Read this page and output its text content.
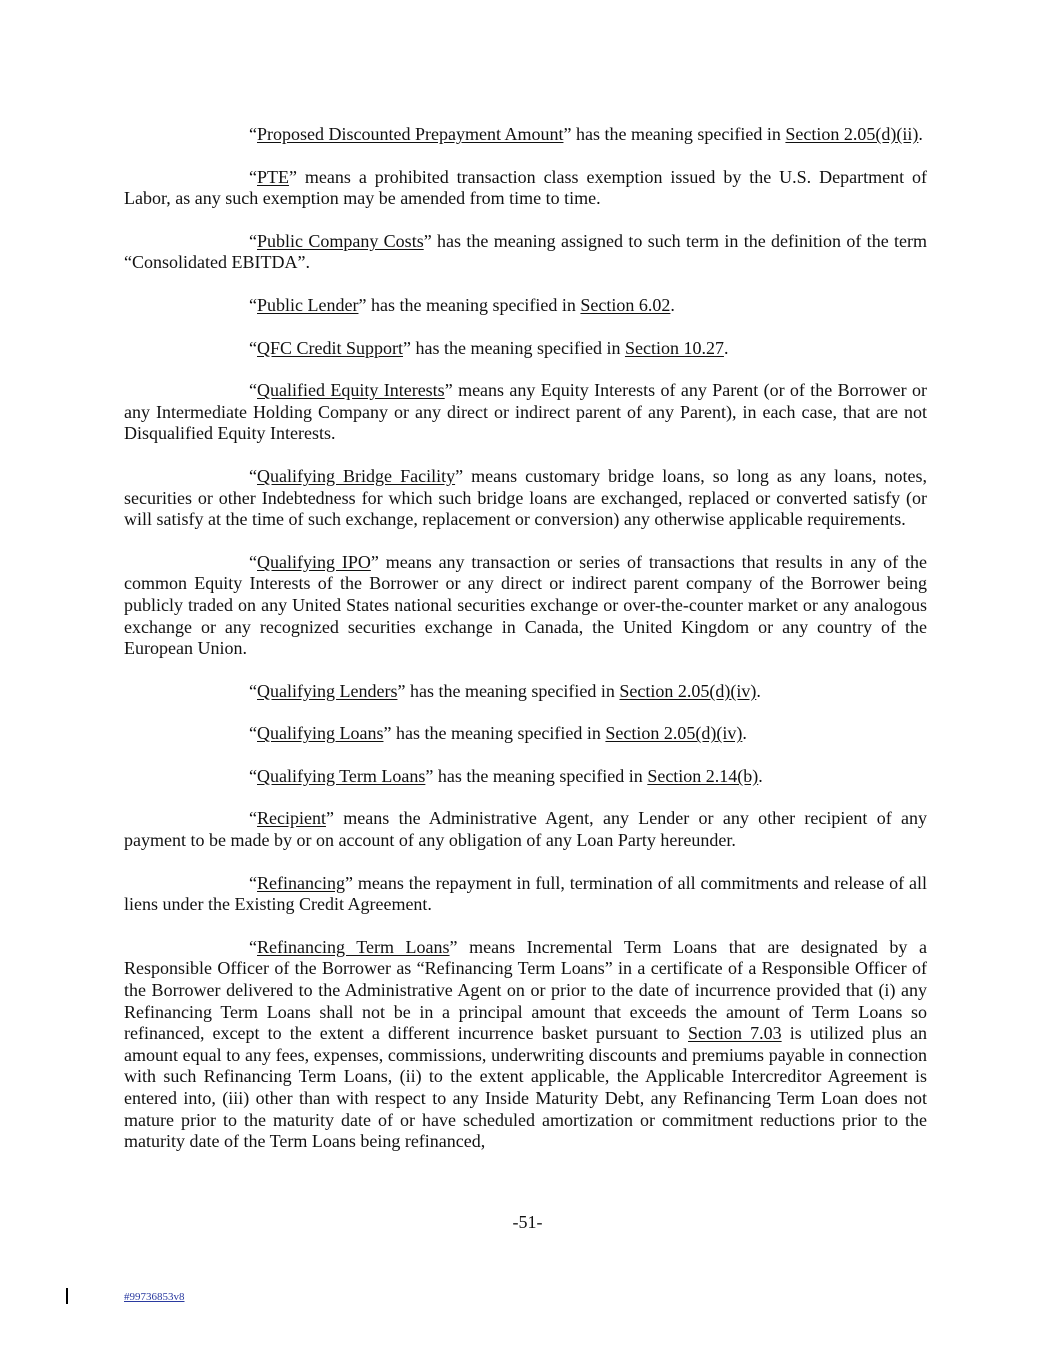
“Proposed Discounted Prepayment Amount” has the meaning specified in Section 2.05(d)(ii).

“PTE” means a prohibited transaction class exemption issued by the U.S. Department of Labor, as any such exemption may be amended from time to time.

“Public Company Costs” has the meaning assigned to such term in the definition of the term “Consolidated EBITDA”.

“Public Lender” has the meaning specified in Section 6.02.

“QFC Credit Support” has the meaning specified in Section 10.27.

“Qualified Equity Interests” means any Equity Interests of any Parent (or of the Borrower or any Intermediate Holding Company or any direct or indirect parent of any Parent), in each case, that are not Disqualified Equity Interests.

“Qualifying Bridge Facility” means customary bridge loans, so long as any loans, notes, securities or other Indebtedness for which such bridge loans are exchanged, replaced or converted satisfy (or will satisfy at the time of such exchange, replacement or conversion) any otherwise applicable requirements.

“Qualifying IPO” means any transaction or series of transactions that results in any of the common Equity Interests of the Borrower or any direct or indirect parent company of the Borrower being publicly traded on any United States national securities exchange or over-the-counter market or any analogous exchange or any recognized securities exchange in Canada, the United Kingdom or any country of the European Union.

“Qualifying Lenders” has the meaning specified in Section 2.05(d)(iv).

“Qualifying Loans” has the meaning specified in Section 2.05(d)(iv).

“Qualifying Term Loans” has the meaning specified in Section 2.14(b).

“Recipient” means the Administrative Agent, any Lender or any other recipient of any payment to be made by or on account of any obligation of any Loan Party hereunder.

“Refinancing” means the repayment in full, termination of all commitments and release of all liens under the Existing Credit Agreement.

“Refinancing Term Loans” means Incremental Term Loans that are designated by a Responsible Officer of the Borrower as “Refinancing Term Loans” in a certificate of a Responsible Officer of the Borrower delivered to the Administrative Agent on or prior to the date of incurrence provided that (i) any Refinancing Term Loans shall not be in a principal amount that exceeds the amount of Term Loans so refinanced, except to the extent a different incurrence basket pursuant to Section 7.03 is utilized plus an amount equal to any fees, expenses, commissions, underwriting discounts and premiums payable in connection with such Refinancing Term Loans, (ii) to the extent applicable, the Applicable Intercreditor Agreement is entered into, (iii) other than with respect to any Inside Maturity Debt, any Refinancing Term Loan does not mature prior to the maturity date of or have scheduled amortization or commitment reductions prior to the maturity date of the Term Loans being refinanced,

-51-
#99736853v8
